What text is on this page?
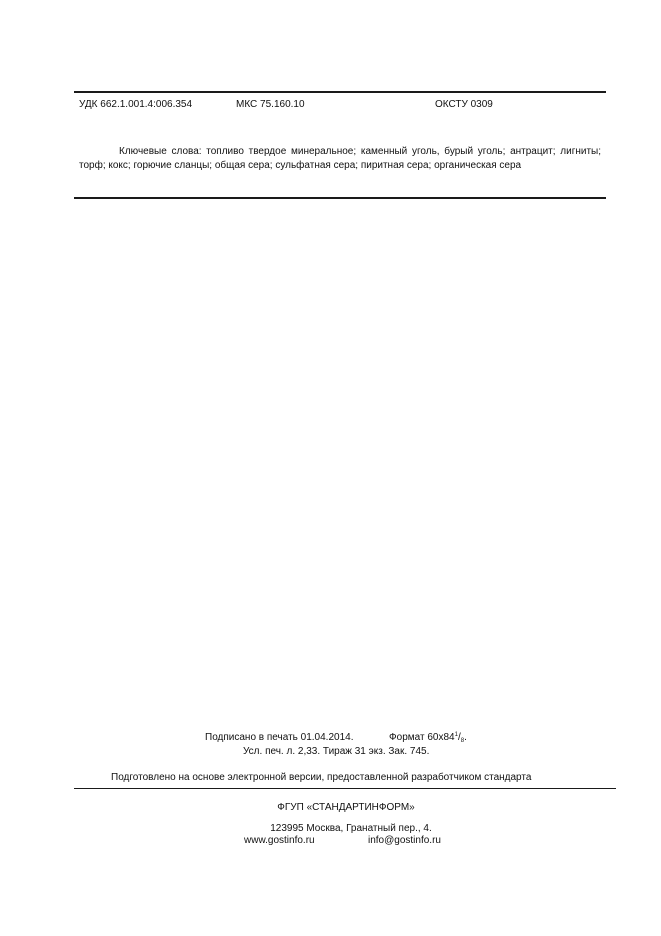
УДК 662.1.001.4:006.354	МКС 75.160.10	ОКСТУ 0309
Ключевые слова: топливо твердое минеральное; каменный уголь, бурый уголь; антрацит; лигниты; торф; кокс; горючие сланцы; общая сера; сульфатная сера; пиритная сера; органическая сера
Подписано в печать 01.04.2014.	Формат $60x84^1/_8$.
Усл. печ. л. 2,33. Тираж 31 экз. Зак. 745.
Подготовлено на основе электронной версии, предоставленной разработчиком стандарта
ФГУП «СТАНДАРТИНФОРМ»
123995 Москва, Гранатный пер., 4.
www.gostinfo.ru	info@gostinfo.ru
